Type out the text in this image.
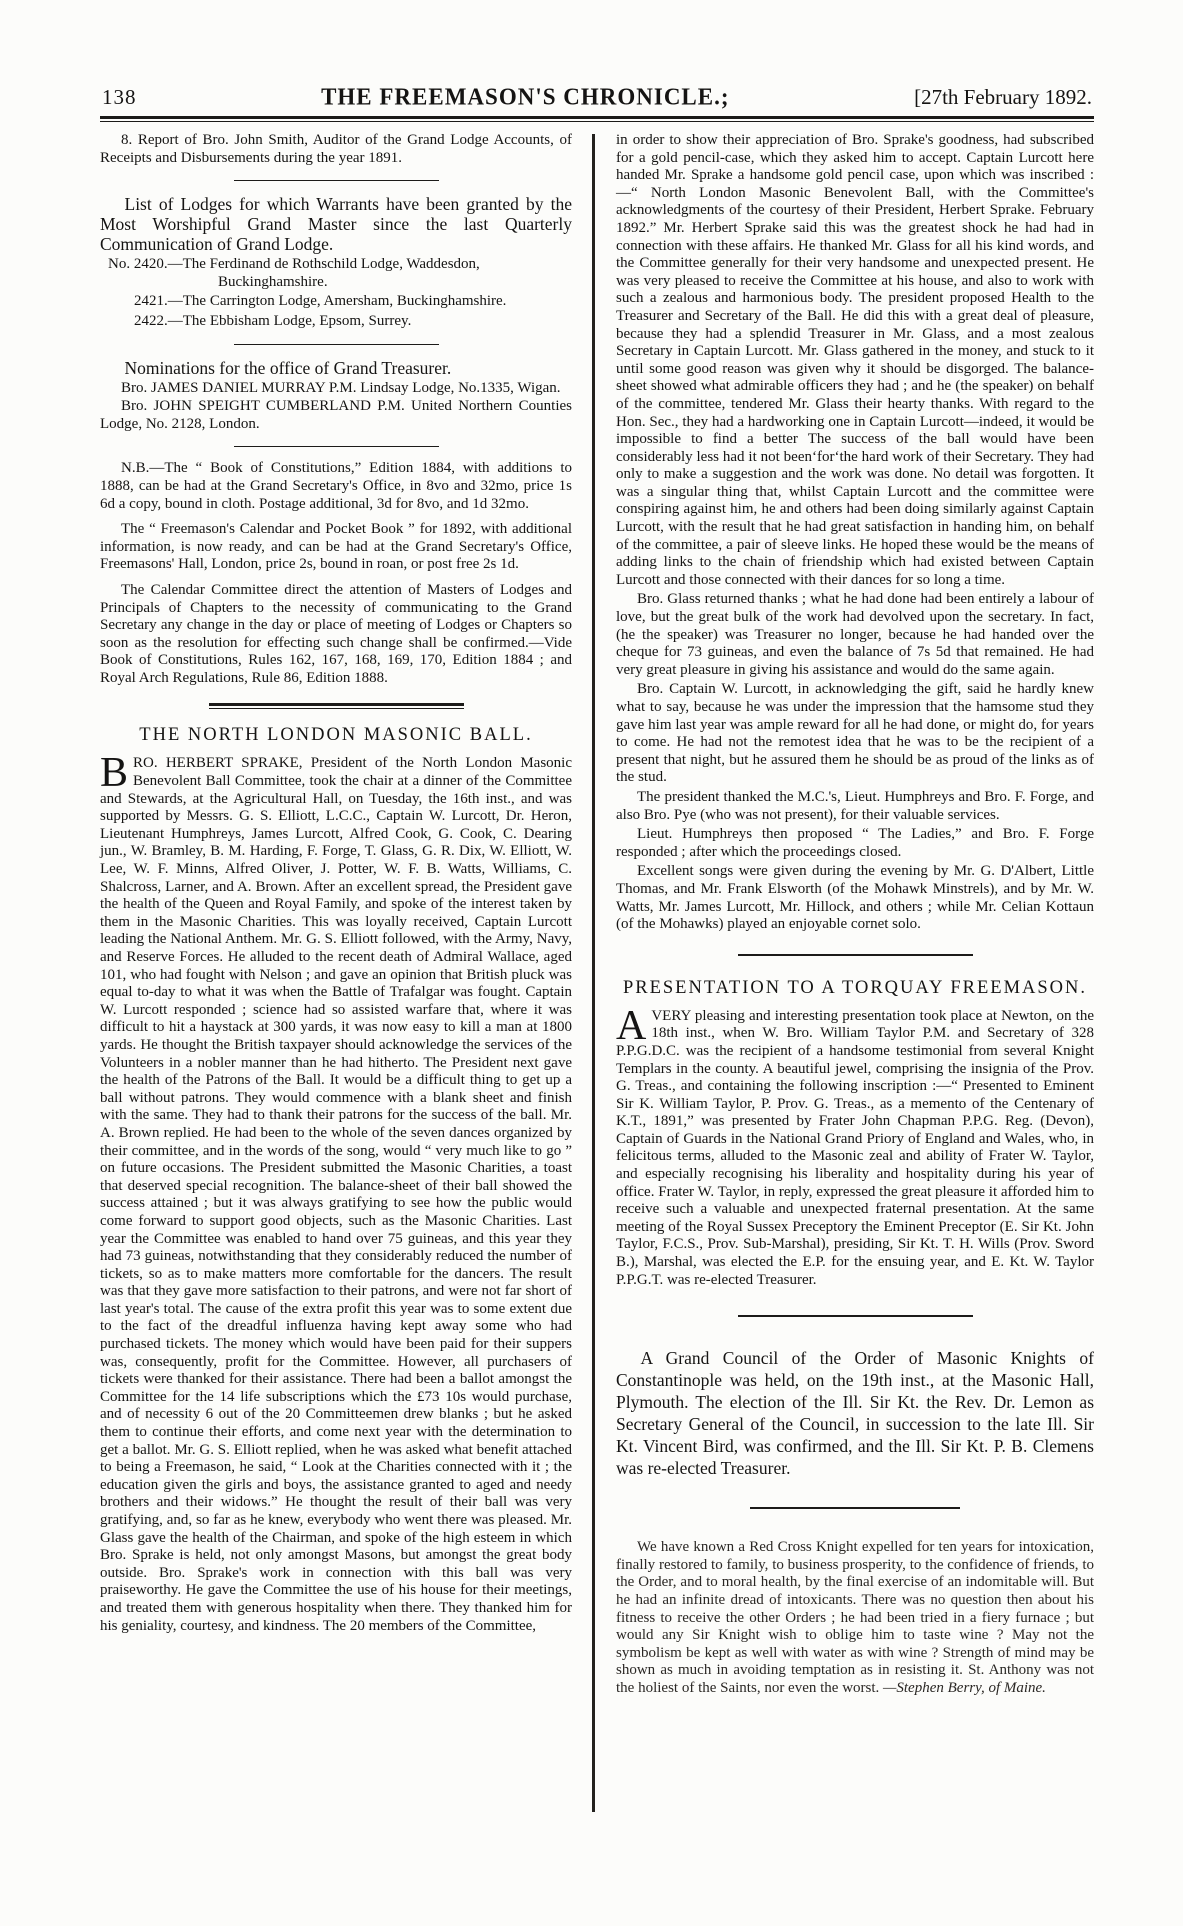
138	THE FREEMASON'S CHRONICLE.;	[27th February 1892.

8. Report of Bro. John Smith, Auditor of the Grand Lodge Accounts, of Receipts and Disbursements during the year 1891.

List of Lodges for which Warrants have been granted by the Most Worshipful Grand Master since the last Quarterly Communication of Grand Lodge.

No. 2420.—The Ferdinand de Rothschild Lodge, Waddesdon, Buckinghamshire.

2421.—The Carrington Lodge, Amersham, Buckinghamshire.

2422.—The Ebbisham Lodge, Epsom, Surrey.

Nominations for the office of Grand Treasurer.

Bro. JAMES DANIEL MURRAY P.M. Lindsay Lodge, No.1335, Wigan.

Bro. JOHN SPEIGHT CUMBERLAND P.M. United Northern Counties Lodge, No. 2128, London.

N.B.—The “ Book of Constitutions,” Edition 1884, with additions to 1888, can be had at the Grand Secretary's Office, in 8vo and 32mo, price 1s 6d a copy, bound in cloth. Postage additional, 3d for 8vo, and 1d 32mo.

The “ Freemason's Calendar and Pocket Book ” for 1892, with additional information, is now ready, and can be had at the Grand Secretary's Office, Freemasons' Hall, London, price 2s, bound in roan, or post free 2s 1d.

The Calendar Committee direct the attention of Masters of Lodges and Principals of Chapters to the necessity of communicating to the Grand Secretary any change in the day or place of meeting of Lodges or Chapters so soon as the resolution for effecting such change shall be confirmed.—Vide Book of Constitutions, Rules 162, 167, 168, 169, 170, Edition 1884 ; and Royal Arch Regulations, Rule 86, Edition 1888.

THE NORTH LONDON MASONIC BALL.

BRO. HERBERT SPRAKE, President of the North London Masonic Benevolent Ball Committee, took the chair at a dinner of the Committee and Stewards, at the Agricultural Hall, on Tuesday, the 16th inst., and was supported by Messrs. G. S. Elliott, L.C.C., Captain W. Lurcott, Dr. Heron, Lieutenant Humphreys, James Lurcott, Alfred Cook, G. Cook, C. Dearing jun., W. Bramley, B. M. Harding, F. Forge, T. Glass, G. R. Dix, W. Elliott, W. Lee, W. F. Minns, Alfred Oliver, J. Potter, W. F. B. Watts, Williams, C. Shalcross, Larner, and A. Brown. After an excellent spread, the President gave the health of the Queen and Royal Family, and spoke of the interest taken by them in the Masonic Charities. This was loyally received, Captain Lurcott leading the National Anthem. Mr. G. S. Elliott followed, with the Army, Navy, and Reserve Forces. He alluded to the recent death of Admiral Wallace, aged 101, who had fought with Nelson ; and gave an opinion that British pluck was equal to-day to what it was when the Battle of Trafalgar was fought. Captain W. Lurcott responded ; science had so assisted warfare that, where it was difficult to hit a haystack at 300 yards, it was now easy to kill a man at 1800 yards. He thought the British taxpayer should acknowledge the services of the Volunteers in a nobler manner than he had hitherto. The President next gave the health of the Patrons of the Ball. It would be a difficult thing to get up a ball without patrons. They would commence with a blank sheet and finish with the same. They had to thank their patrons for the success of the ball. Mr. A. Brown replied. He had been to the whole of the seven dances organized by their committee, and in the words of the song, would “ very much like to go ” on future occasions. The President submitted the Masonic Charities, a toast that deserved special recognition. The balance-sheet of their ball showed the success attained ; but it was always gratifying to see how the public would come forward to support good objects, such as the Masonic Charities. Last year the Committee was enabled to hand over 75 guineas, and this year they had 73 guineas, notwithstanding that they considerably reduced the number of tickets, so as to make matters more comfortable for the dancers. The result was that they gave more satisfaction to their patrons, and were not far short of last year's total. The cause of the extra profit this year was to some extent due to the fact of the dreadful influenza having kept away some who had purchased tickets. The money which would have been paid for their suppers was, consequently, profit for the Committee. However, all purchasers of tickets were thanked for their assistance. There had been a ballot amongst the Committee for the 14 life subscriptions which the £73 10s would purchase, and of necessity 6 out of the 20 Committeemen drew blanks ; but he asked them to continue their efforts, and come next year with the determination to get a ballot. Mr. G. S. Elliott replied, when he was asked what benefit attached to being a Freemason, he said, “ Look at the Charities connected with it ; the education given the girls and boys, the assistance granted to aged and needy brothers and their widows.” He thought the result of their ball was very gratifying, and, so far as he knew, everybody who went there was pleased. Mr. Glass gave the health of the Chairman, and spoke of the high esteem in which Bro. Sprake is held, not only amongst Masons, but amongst the great body outside. Bro. Sprake's work in connection with this ball was very praiseworthy. He gave the Committee the use of his house for their meetings, and treated them with generous hospitality when there. They thanked him for his geniality, courtesy, and kindness. The 20 members of the Committee,

in order to show their appreciation of Bro. Sprake's goodness, had subscribed for a gold pencil-case, which they asked him to accept. Captain Lurcott here handed Mr. Sprake a handsome gold pencil case, upon which was inscribed :—“ North London Masonic Benevolent Ball, with the Committee's acknowledgments of the courtesy of their President, Herbert Sprake. February 1892.” Mr. Herbert Sprake said this was the greatest shock he had had in connection with these affairs. He thanked Mr. Glass for all his kind words, and the Committee generally for their very handsome and unexpected present. He was very pleased to receive the Committee at his house, and also to work with such a zealous and harmonious body. The president proposed Health to the Treasurer and Secretary of the Ball. He did this with a great deal of pleasure, because they had a splendid Treasurer in Mr. Glass, and a most zealous Secretary in Captain Lurcott. Mr. Glass gathered in the money, and stuck to it until some good reason was given why it should be disgorged. The balance-sheet showed what admirable officers they had ; and he (the speaker) on behalf of the committee, tendered Mr. Glass their hearty thanks. With regard to the Hon. Sec., they had a hardworking one in Captain Lurcott—indeed, it would be impossible to find a better The success of the ball would have been considerably less had it not been‘for‘the hard work of their Secretary. They had only to make a suggestion and the work was done. No detail was forgotten. It was a singular thing that, whilst Captain Lurcott and the committee were conspiring against him, he and others had been doing similarly against Captain Lurcott, with the result that he had great satisfaction in handing him, on behalf of the committee, a pair of sleeve links. He hoped these would be the means of adding links to the chain of friendship which had existed between Captain Lurcott and those connected with their dances for so long a time.

Bro. Glass returned thanks ; what he had done had been entirely a labour of love, but the great bulk of the work had devolved upon the secretary. In fact, (he the speaker) was Treasurer no longer, because he had handed over the cheque for 73 guineas, and even the balance of 7s 5d that remained. He had very great pleasure in giving his assistance and would do the same again.

Bro. Captain W. Lurcott, in acknowledging the gift, said he hardly knew what to say, because he was under the impression that the hamsome stud they gave him last year was ample reward for all he had done, or might do, for years to come. He had not the remotest idea that he was to be the recipient of a present that night, but he assured them he should be as proud of the links as of the stud.

The president thanked the M.C.'s, Lieut. Humphreys and Bro. F. Forge, and also Bro. Pye (who was not present), for their valuable services.

Lieut. Humphreys then proposed “ The Ladies,” and Bro. F. Forge responded ; after which the proceedings closed.

Excellent songs were given during the evening by Mr. G. D'Albert, Little Thomas, and Mr. Frank Elsworth (of the Mohawk Minstrels), and by Mr. W. Watts, Mr. James Lurcott, Mr. Hillock, and others ; while Mr. Celian Kottaun (of the Mohawks) played an enjoyable cornet solo.

PRESENTATION TO A TORQUAY FREEMASON.

AVERY pleasing and interesting presentation took place at Newton, on the 18th inst., when W. Bro. William Taylor P.M. and Secretary of 328 P.P.G.D.C. was the recipient of a handsome testimonial from several Knight Templars in the county. A beautiful jewel, comprising the insignia of the Prov. G. Treas., and containing the following inscription :—“ Presented to Eminent Sir K. William Taylor, P. Prov. G. Treas., as a memento of the Centenary of K.T., 1891,” was presented by Frater John Chapman P.P.G. Reg. (Devon), Captain of Guards in the National Grand Priory of England and Wales, who, in felicitous terms, alluded to the Masonic zeal and ability of Frater W. Taylor, and especially recognising his liberality and hospitality during his year of office. Frater W. Taylor, in reply, expressed the great pleasure it afforded him to receive such a valuable and unexpected fraternal presentation. At the same meeting of the Royal Sussex Preceptory the Eminent Preceptor (E. Sir Kt. John Taylor, F.C.S., Prov. Sub-Marshal), presiding, Sir Kt. T. H. Wills (Prov. Sword B.), Marshal, was elected the E.P. for the ensuing year, and E. Kt. W. Taylor P.P.G.T. was re-elected Treasurer.

A Grand Council of the Order of Masonic Knights of Constantinople was held, on the 19th inst., at the Masonic Hall, Plymouth. The election of the Ill. Sir Kt. the Rev. Dr. Lemon as Secretary General of the Council, in succession to the late Ill. Sir Kt. Vincent Bird, was confirmed, and the Ill. Sir Kt. P. B. Clemens was re-elected Treasurer.

We have known a Red Cross Knight expelled for ten years for intoxication, finally restored to family, to business prosperity, to the confidence of friends, to the Order, and to moral health, by the final exercise of an indomitable will. But he had an infinite dread of intoxicants. There was no question then about his fitness to receive the other Orders ; he had been tried in a fiery furnace ; but would any Sir Knight wish to oblige him to taste wine ? May not the symbolism be kept as well with water as with wine ? Strength of mind may be shown as much in avoiding temptation as in resisting it. St. Anthony was not the holiest of the Saints, nor even the worst. —Stephen Berry, of Maine.
